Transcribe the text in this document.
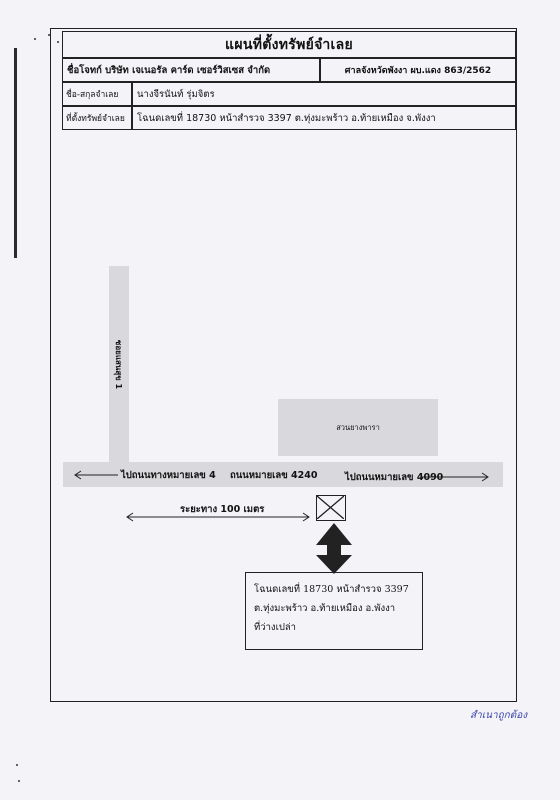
แผนที่ตั้งทรัพย์จำเลย
ชื่อโจทก์ บริษัท เจเนอรัล คาร์ด เซอร์วิสเซส จำกัด	ศาลจังหวัดพังงา ผบ.แดง 863/2562
ชื่อ-สกุลจำเลย	นางจีรนันท์ รุ่มจิตร
ที่ตั้งทรัพย์จำเลย	โฉนดเลขที่ 18730 หน้าสำรวจ 3397 ต.ทุ่งมะพร้าว อ.ท้ายเหมือง จ.พังงา
ซอยแสนสุข 1
สวนยางพารา
ไปถนนทางหมายเลข 4 ถนนหมายเลข 4240	ไปถนนหมายเลข 4090
ระยะทาง 100 เมตร
โฉนดเลขที่ 18730 หน้าสำรวจ 3397
ต.ทุ่งมะพร้าว อ.ท้ายเหมือง อ.พังงา
ที่ว่างเปล่า
สำเนาถูกต้อง
